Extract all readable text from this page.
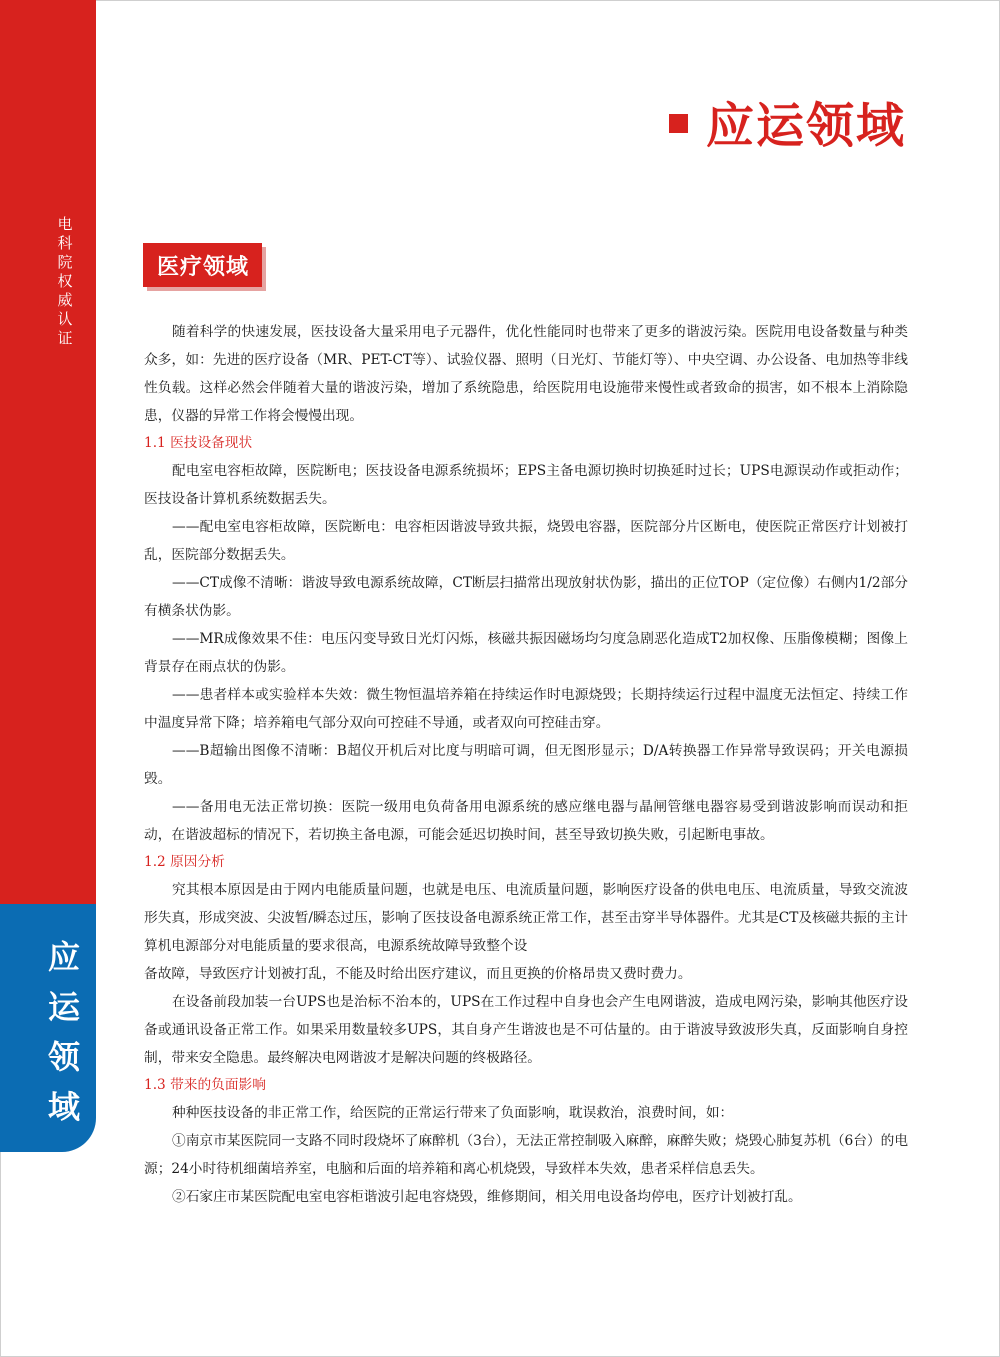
电科院权威认证
应运领域
应运领域
医疗领域

随着科学的快速发展，医技设备大量采用电子元器件，优化性能同时也带来了更多的谐波污染。医院用电设备数量与种类众多，如：先进的医疗设备（MR、PET-CT等）、试验仪器、照明（日光灯、节能灯等）、中央空调、办公设备、电加热等非线性负载。这样必然会伴随着大量的谐波污染，增加了系统隐患，给医院用电设施带来慢性或者致命的损害，如不根本上消除隐患，仪器的异常工作将会慢慢出现。

1.1 医技设备现状

配电室电容柜故障，医院断电；医技设备电源系统损坏；EPS主备电源切换时切换延时过长；UPS电源误动作或拒动作；医技设备计算机系统数据丢失。

——配电室电容柜故障，医院断电：电容柜因谐波导致共振，烧毁电容器，医院部分片区断电，使医院正常医疗计划被打乱，医院部分数据丢失。

——CT成像不清晰：谐波导致电源系统故障，CT断层扫描常出现放射状伪影，描出的正位TOP（定位像）右侧内1/2部分有横条状伪影。

——MR成像效果不佳：电压闪变导致日光灯闪烁，核磁共振因磁场均匀度急剧恶化造成T2加权像、压脂像模糊；图像上背景存在雨点状的伪影。

——患者样本或实验样本失效：微生物恒温培养箱在持续运作时电源烧毁；长期持续运行过程中温度无法恒定、持续工作中温度异常下降；培养箱电气部分双向可控硅不导通，或者双向可控硅击穿。

——B超输出图像不清晰：B超仪开机后对比度与明暗可调，但无图形显示；D/A转换器工作异常导致误码；开关电源损毁。

——备用电无法正常切换：医院一级用电负荷备用电源系统的感应继电器与晶闸管继电器容易受到谐波影响而误动和拒动，在谐波超标的情况下，若切换主备电源，可能会延迟切换时间，甚至导致切换失败，引起断电事故。

1.2 原因分析

究其根本原因是由于网内电能质量问题，也就是电压、电流质量问题，影响医疗设备的供电电压、电流质量，导致交流波形失真，形成突波、尖波暂/瞬态过压，影响了医技设备电源系统正常工作，甚至击穿半导体器件。尤其是CT及核磁共振的主计算机电源部分对电能质量的要求很高，电源系统故障导致整个设

备故障，导致医疗计划被打乱，不能及时给出医疗建议，而且更换的价格昂贵又费时费力。

在设备前段加装一台UPS也是治标不治本的，UPS在工作过程中自身也会产生电网谐波，造成电网污染，影响其他医疗设备或通讯设备正常工作。如果采用数量较多UPS，其自身产生谐波也是不可估量的。由于谐波导致波形失真，反面影响自身控制，带来安全隐患。最终解决电网谐波才是解决问题的终极路径。

1.3 带来的负面影响

种种医技设备的非正常工作，给医院的正常运行带来了负面影响，耽误救治，浪费时间，如：

①南京市某医院同一支路不同时段烧坏了麻醉机（3台），无法正常控制吸入麻醉，麻醉失败；烧毁心肺复苏机（6台）的电源；24小时待机细菌培养室，电脑和后面的培养箱和离心机烧毁，导致样本失效，患者采样信息丢失。

②石家庄市某医院配电室电容柜谐波引起电容烧毁，维修期间，相关用电设备均停电，医疗计划被打乱。
